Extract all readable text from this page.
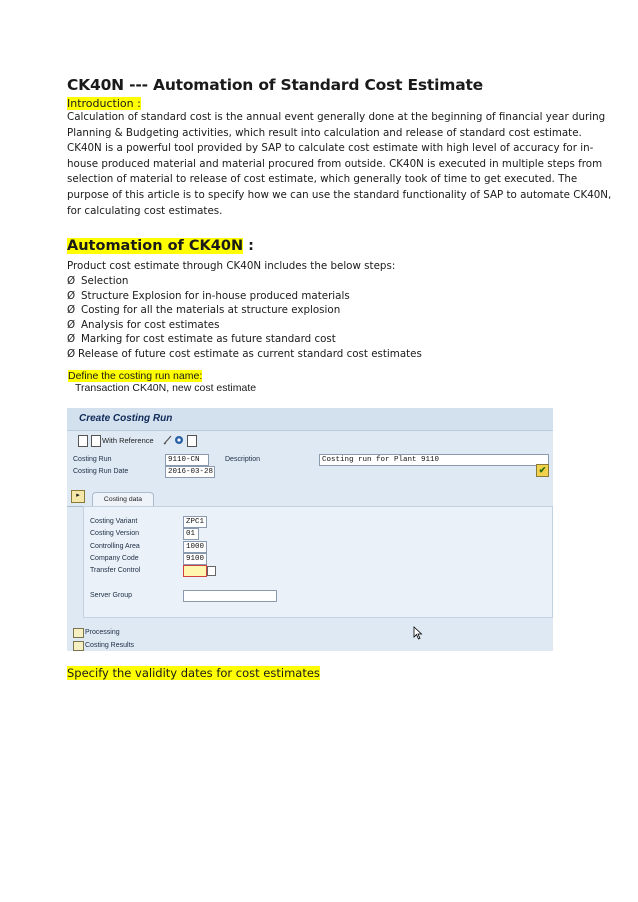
CK40N --- Automation of Standard Cost Estimate
Introduction :

Calculation of standard cost is the annual event generally done at the beginning of financial year during
Planning & Budgeting activities, which result into calculation and release of standard cost estimate.
CK40N is a powerful tool provided by SAP to calculate cost estimate with high level of accuracy for in-
house produced material and material procured from outside. CK40N is executed in multiple steps from
selection of material to release of cost estimate, which generally took of time to get executed. The
purpose of this article is to specify how we can use the standard functionality of SAP to automate CK40N,
for calculating cost estimates.

Automation of CK40N :
Product cost estimate through CK40N includes the below steps:
Ø Selection
Ø Structure Explosion for in-house produced materials
Ø Costing for all the materials at structure explosion
Ø Analysis for cost estimates
Ø Marking for cost estimate as future standard cost
Ø Release of future cost estimate as current standard cost estimates
Define the costing run name:
Transaction CK40N, new cost estimate
Create Costing Run
With Reference
Costing Run	9110-CN	Description	Costing run for Plant 9110
Costing Run Date	2016-03-28	✔
▸
Costing data
Costing Variant	ZPC1
Costing Version	01
Controlling Area	1000
Company Code	9100
Transfer Control
Server Group
Processing
Costing Results
Specify the validity dates for cost estimates
